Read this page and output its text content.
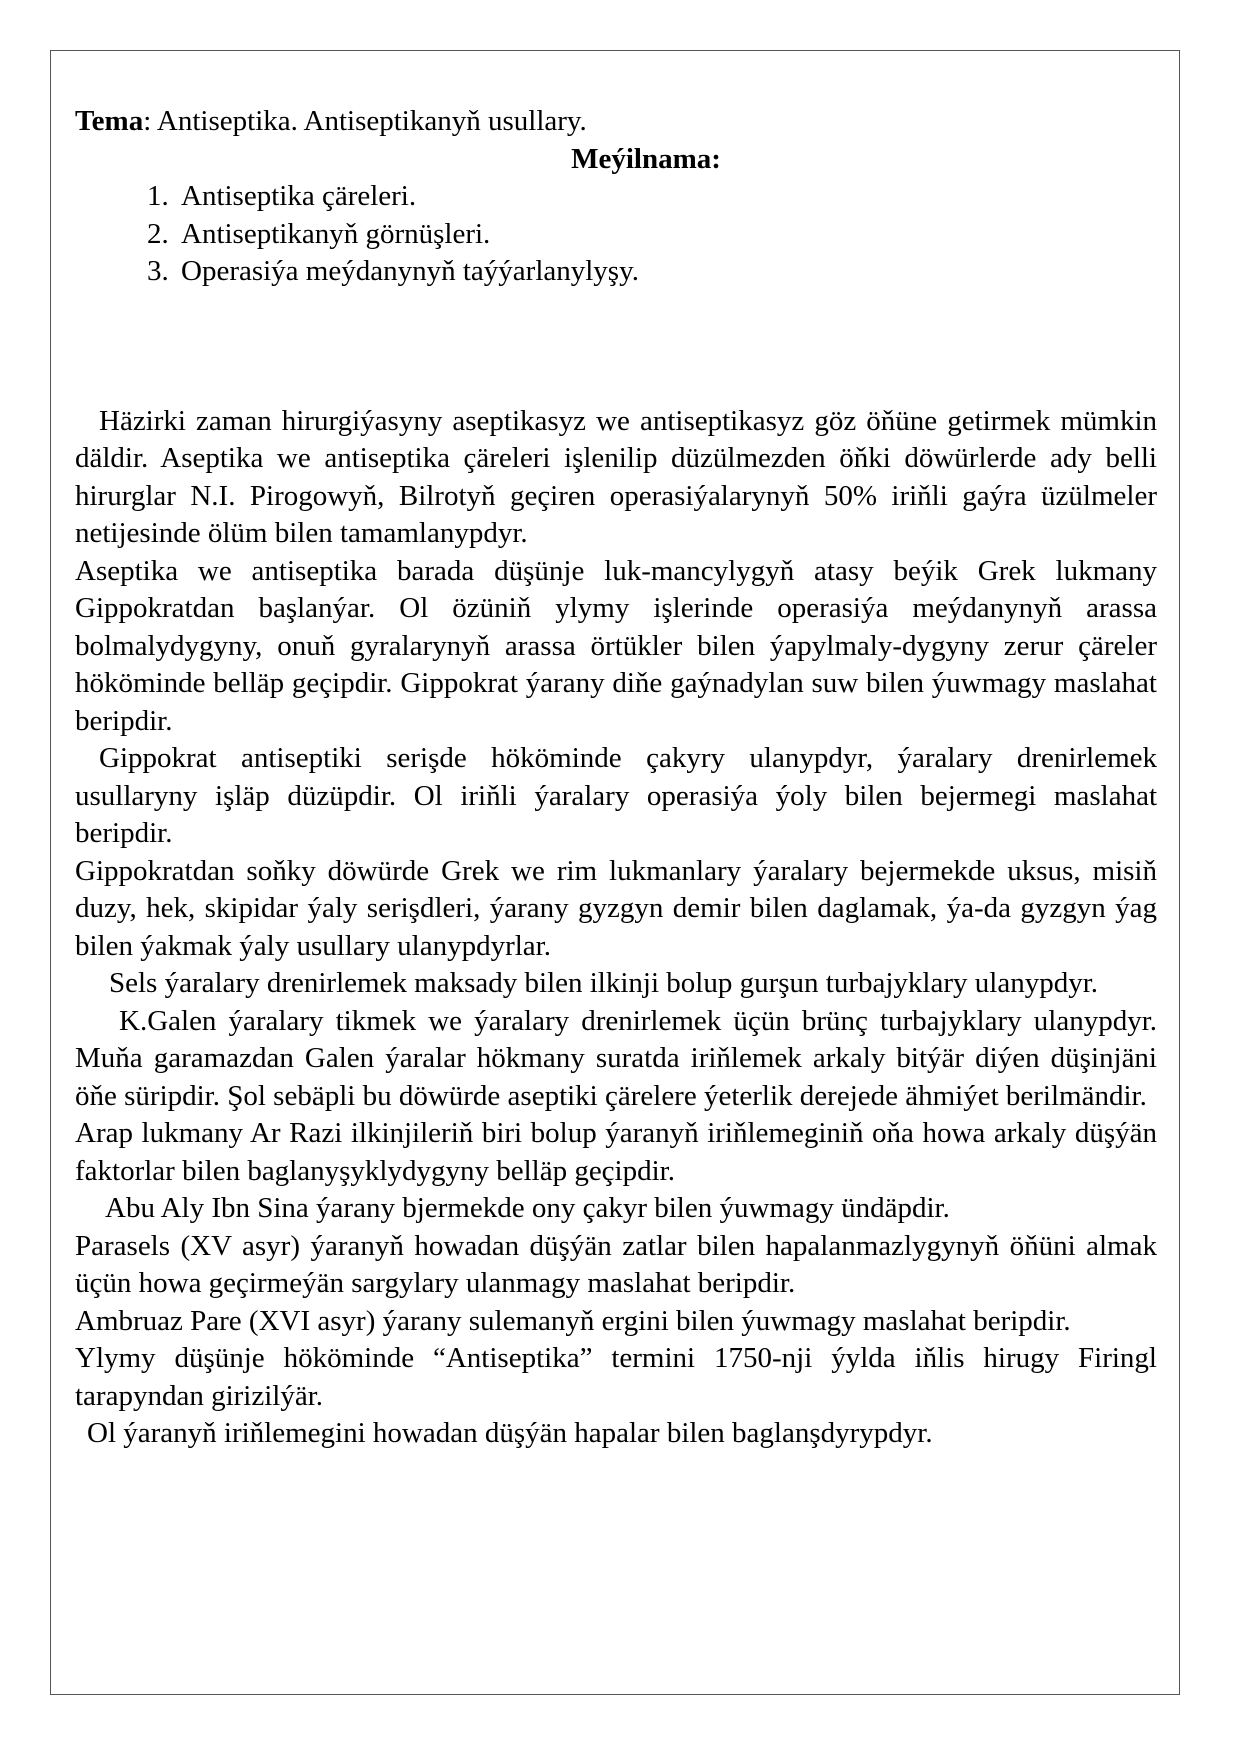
Tema: Antiseptika. Antiseptikanyň usullary.

Meýilnama:

1. Antiseptika çäreleri.
2. Antiseptikanyň görnüşleri.
3. Operasiýa meýdanynyň taýýarlanylyşy.

Häzirki zaman hirurgiýasyny aseptikasyz we antiseptikasyz göz öňüne getirmek mümkin däldir. Aseptika we antiseptika çäreleri işlenilip düzülmezden öňki döwürlerde ady belli hirurglar N.I. Pirogowyň, Bilrotyň geçiren operasiýalarynyň 50% iriňli gaýra üzülmeler netijesinde ölüm bilen tamamlanypdyr.

Aseptika we antiseptika barada düşünje luk-mancylygyň atasy beýik Grek lukmany Gippokratdan başlanýar. Ol özüniň ylymy işlerinde operasiýa meýdanynyň arassa bolmalydygyny, onuň gyralarynyň arassa örtükler bilen ýapylmaly-dygyny zerur çäreler hököminde belläp geçipdir. Gippokrat ýarany diňe gaýnadylan suw bilen ýuwmagy maslahat beripdir.

Gippokrat antiseptiki serişde hököminde çakyry ulanypdyr, ýaralary drenirlemek usullaryny işläp düzüpdir. Ol iriňli ýaralary operasiýa ýoly bilen bejermegi maslahat beripdir.

Gippokratdan soňky döwürde Grek we rim lukmanlary ýaralary bejermekde uksus, misiň duzy, hek, skipidar ýaly serişdleri, ýarany gyzgyn demir bilen daglamak, ýa-da gyzgyn ýag bilen ýakmak ýaly usullary ulanypdyrlar.

Sels ýaralary drenirlemek maksady bilen ilkinji bolup gurşun turbajyklary ulanypdyr.

K.Galen ýaralary tikmek we ýaralary drenirlemek üçün brünç turbajyklary ulanypdyr. Muňa garamazdan Galen ýaralar hökmany suratda iriňlemek arkaly bitýär diýen düşinjäni öňe süripdir. Şol sebäpli bu döwürde aseptiki çärelere ýeterlik derejede ähmiýet berilmändir.

Arap lukmany Ar Razi ilkinjileriň biri bolup ýaranyň iriňlemeginiň oňa howa arkaly düşýän faktorlar bilen baglanyşyklydygyny belläp geçipdir.

Abu Aly Ibn Sina ýarany bjermekde ony çakyr bilen ýuwmagy ündäpdir.

Parasels (XV asyr) ýaranyň howadan düşýän zatlar bilen hapalanmazlygynyň öňüni almak üçün howa geçirmeýän sargylary ulanmagy maslahat beripdir.

Ambruaz Pare (XVI asyr) ýarany sulemanyň ergini bilen ýuwmagy maslahat beripdir.

Ylymy düşünje hököminde “Antiseptika” termini 1750-nji ýylda iňlis hirugy Firingl tarapyndan girizilýär.

Ol ýaranyň iriňlemegini howadan düşýän hapalar bilen baglanşdyrypdyr.
